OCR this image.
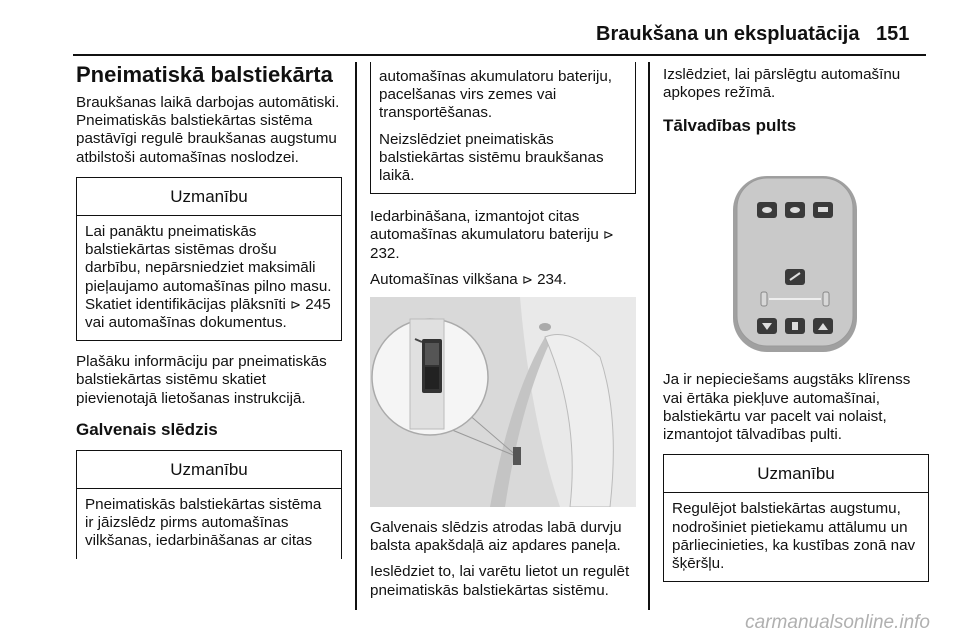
Braukšana un ekspluatācija 151
Pneimatiskā balstiekārta

Braukšanas laikā darbojas automātiski. Pneimatiskās balstiekārtas sistēma pastāvīgi regulē braukšanas augstumu atbilstoši automašīnas noslodzei.

Uzmanību
Lai panāktu pneimatiskās balstiekārtas sistēmas drošu darbību, nepārsniedziet maksimāli pieļaujamo automašīnas pilno masu. Skatiet identifikācijas plāksnīti ⊳ 245 vai automašīnas dokumentus.

Plašāku informāciju par pneimatiskās balstiekārtas sistēmu skatiet pievienotajā lietošanas instrukcijā.

Galvenais slēdzis
Uzmanību
Pneimatiskās balstiekārtas sistēma ir jāizslēdz pirms automašīnas vilkšanas, iedarbināšanas ar citas

automašīnas akumulatoru bateriju, pacelšanas virs zemes vai transportēšanas.

Neizslēdziet pneimatiskās balstiekārtas sistēmu braukšanas laikā.

Iedarbināšana, izmantojot citas automašīnas akumulatoru bateriju ⊳ 232.

Automašīnas vilkšana ⊳ 234.

Galvenais slēdzis atrodas labā durvju balsta apakšdaļā aiz apdares paneļa.

Ieslēdziet to, lai varētu lietot un regulēt pneimatiskās balstiekārtas sistēmu.

Izslēdziet, lai pārslēgtu automašīnu apkopes režīmā.

Tālvadības pults

Ja ir nepieciešams augstāks klīrenss vai ērtāka piekļuve automašīnai, balstiekārtu var pacelt vai nolaist, izmantojot tālvadības pulti.

Uzmanību
Regulējot balstiekārtas augstumu, nodrošiniet pietiekamu attālumu un pārliecinieties, ka kustības zonā nav šķēršļu.
carmanualsonline.info
